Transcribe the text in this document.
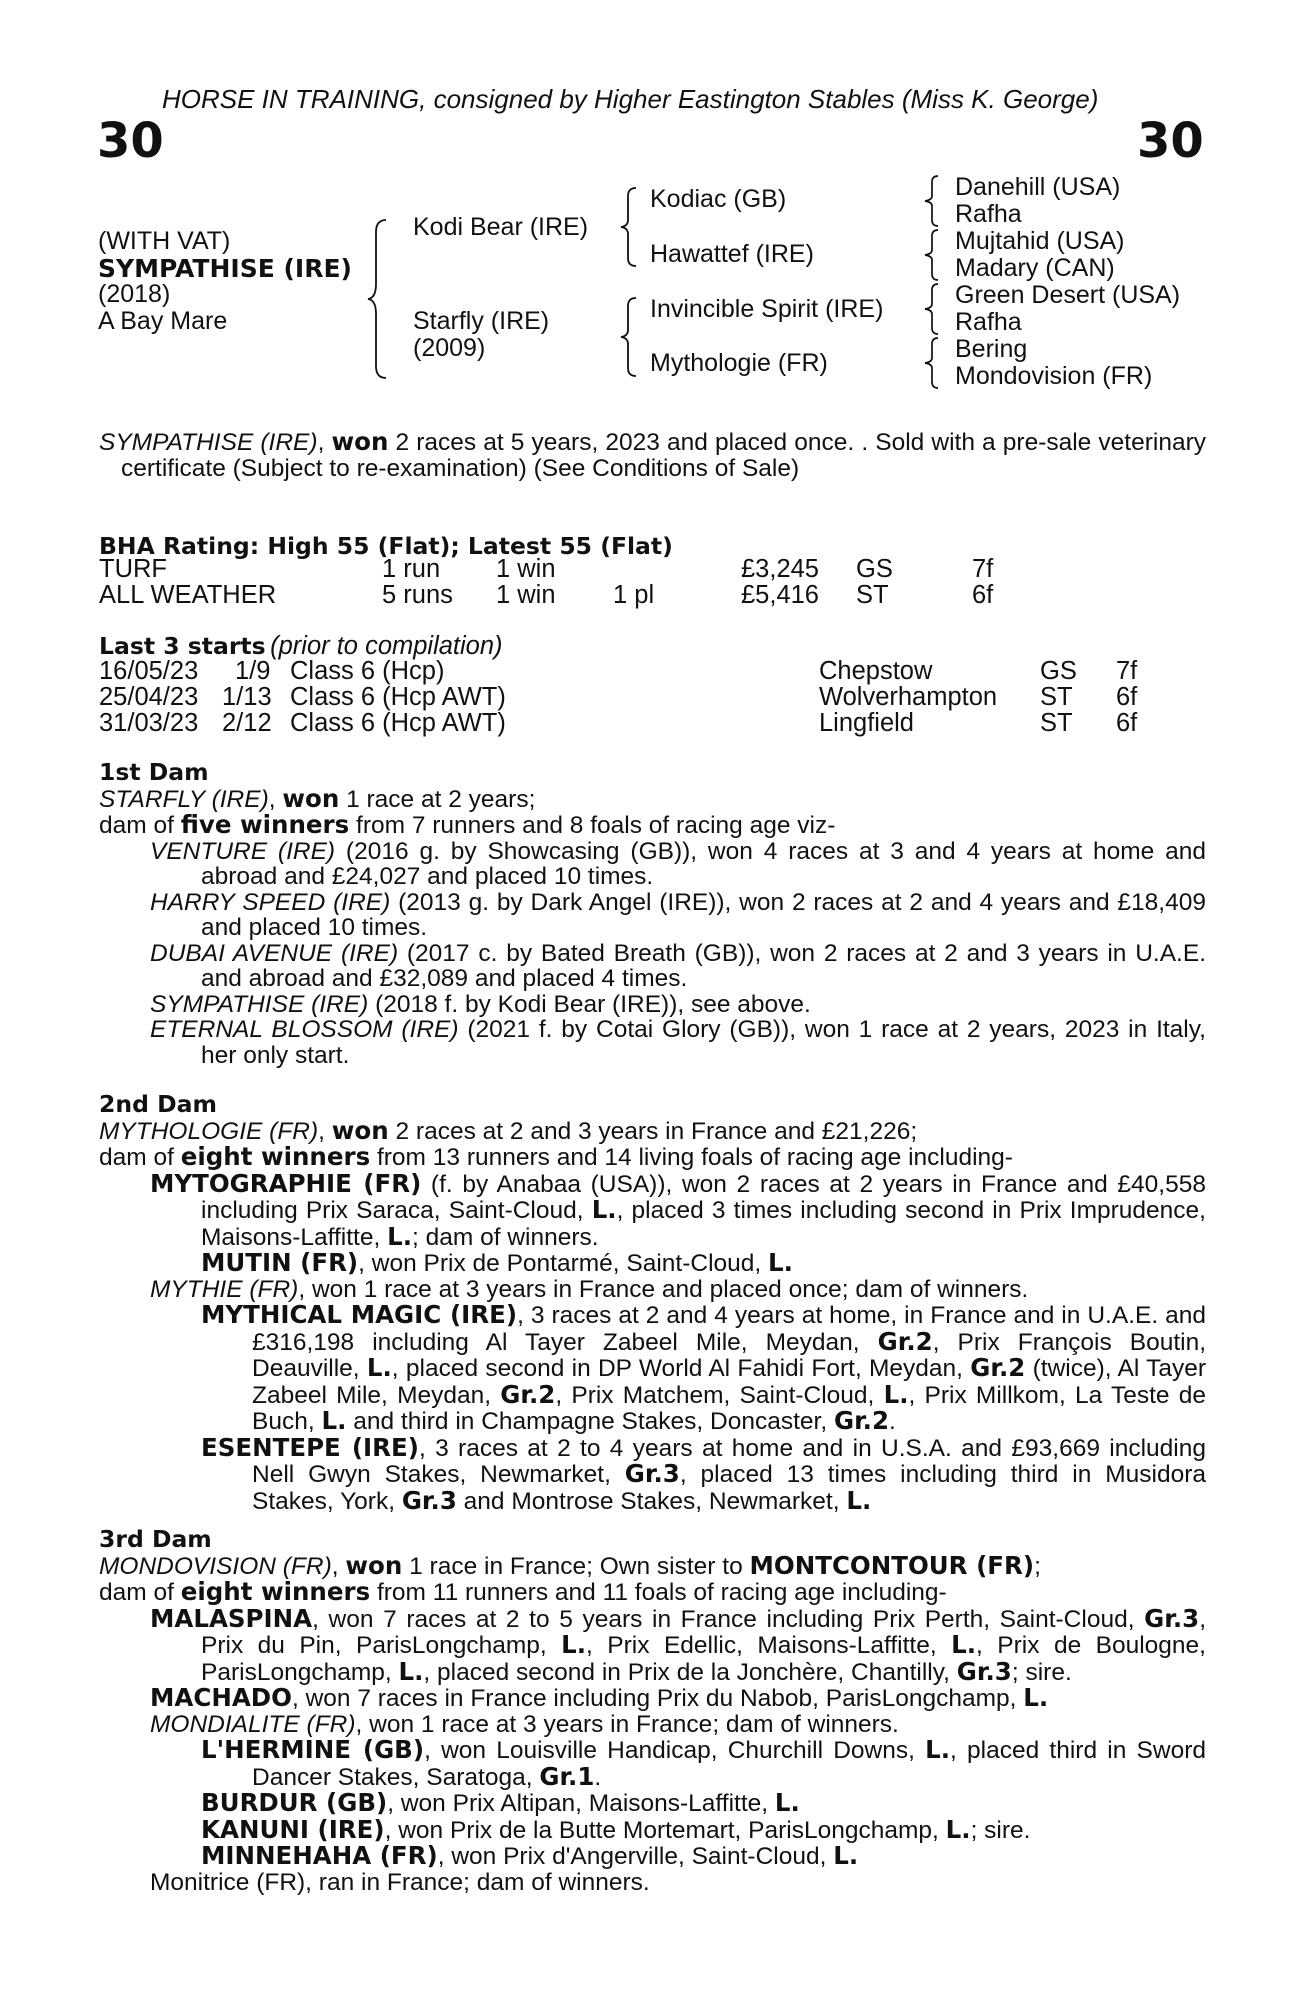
HORSE IN TRAINING, consigned by Higher Eastington Stables (Miss K. George)
30	30
(WITH VAT)
SYMPATHISE (IRE)
(2018)
A Bay Mare
Kodi Bear (IRE)
Starfly (IRE)
(2009)
Kodiac (GB)
Hawattef (IRE)
Invincible Spirit (IRE)
Mythologie (FR)
Danehill (USA)
Rafha
Mujtahid (USA)
Madary (CAN)
Green Desert (USA)
Rafha
Bering
Mondovision (FR)

SYMPATHISE (IRE), won 2 races at 5 years, 2023 and placed once. . Sold with a pre-sale veterinary certificate (Subject to re-examination) (See Conditions of Sale)

BHA Rating: High 55 (Flat); Latest 55 (Flat)
TURF	1 run 1 win	£3,245 GS	7f
ALL WEATHER	5 runs 1 win 1 pl	£5,416 ST	6f
Last 3 starts (prior to compilation)
16/05/23 1/9 Class 6 (Hcp)	Chepstow	GS 7f
25/04/23 1/13 Class 6 (Hcp AWT)	Wolverhampton ST 6f
31/03/23 2/12 Class 6 (Hcp AWT)	Lingfield	ST 6f

1st Dam

STARFLY (IRE), won 1 race at 2 years;

dam of five winners from 7 runners and 8 foals of racing age viz-

VENTURE (IRE) (2016 g. by Showcasing (GB)), won 4 races at 3 and 4 years at home and abroad and £24,027 and placed 10 times.

HARRY SPEED (IRE) (2013 g. by Dark Angel (IRE)), won 2 races at 2 and 4 years and £18,409 and placed 10 times.

DUBAI AVENUE (IRE) (2017 c. by Bated Breath (GB)), won 2 races at 2 and 3 years in U.A.E. and abroad and £32,089 and placed 4 times.

SYMPATHISE (IRE) (2018 f. by Kodi Bear (IRE)), see above.

ETERNAL BLOSSOM (IRE) (2021 f. by Cotai Glory (GB)), won 1 race at 2 years, 2023 in Italy, her only start.

2nd Dam

MYTHOLOGIE (FR), won 2 races at 2 and 3 years in France and £21,226;

dam of eight winners from 13 runners and 14 living foals of racing age including-

MYTOGRAPHIE (FR) (f. by Anabaa (USA)), won 2 races at 2 years in France and £40,558 including Prix Saraca, Saint-Cloud, L., placed 3 times including second in Prix Imprudence, Maisons-Laffitte, L.; dam of winners.

MUTIN (FR), won Prix de Pontarmé, Saint-Cloud, L.

MYTHIE (FR), won 1 race at 3 years in France and placed once; dam of winners.

MYTHICAL MAGIC (IRE), 3 races at 2 and 4 years at home, in France and in U.A.E. and £316,198 including Al Tayer Zabeel Mile, Meydan, Gr.2, Prix François Boutin, Deauville, L., placed second in DP World Al Fahidi Fort, Meydan, Gr.2 (twice), Al Tayer Zabeel Mile, Meydan, Gr.2, Prix Matchem, Saint-Cloud, L., Prix Millkom, La Teste de Buch, L. and third in Champagne Stakes, Doncaster, Gr.2.

ESENTEPE (IRE), 3 races at 2 to 4 years at home and in U.S.A. and £93,669 including Nell Gwyn Stakes, Newmarket, Gr.3, placed 13 times including third in Musidora Stakes, York, Gr.3 and Montrose Stakes, Newmarket, L.

3rd Dam

MONDOVISION (FR), won 1 race in France; Own sister to MONTCONTOUR (FR);

dam of eight winners from 11 runners and 11 foals of racing age including-

MALASPINA, won 7 races at 2 to 5 years in France including Prix Perth, Saint-Cloud, Gr.3, Prix du Pin, ParisLongchamp, L., Prix Edellic, Maisons-Laffitte, L., Prix de Boulogne, ParisLongchamp, L., placed second in Prix de la Jonchère, Chantilly, Gr.3; sire.

MACHADO, won 7 races in France including Prix du Nabob, ParisLongchamp, L.

MONDIALITE (FR), won 1 race at 3 years in France; dam of winners.

L'HERMINE (GB), won Louisville Handicap, Churchill Downs, L., placed third in Sword Dancer Stakes, Saratoga, Gr.1.

BURDUR (GB), won Prix Altipan, Maisons-Laffitte, L.

KANUNI (IRE), won Prix de la Butte Mortemart, ParisLongchamp, L.; sire.

MINNEHAHA (FR), won Prix d'Angerville, Saint-Cloud, L.

Monitrice (FR), ran in France; dam of winners.
